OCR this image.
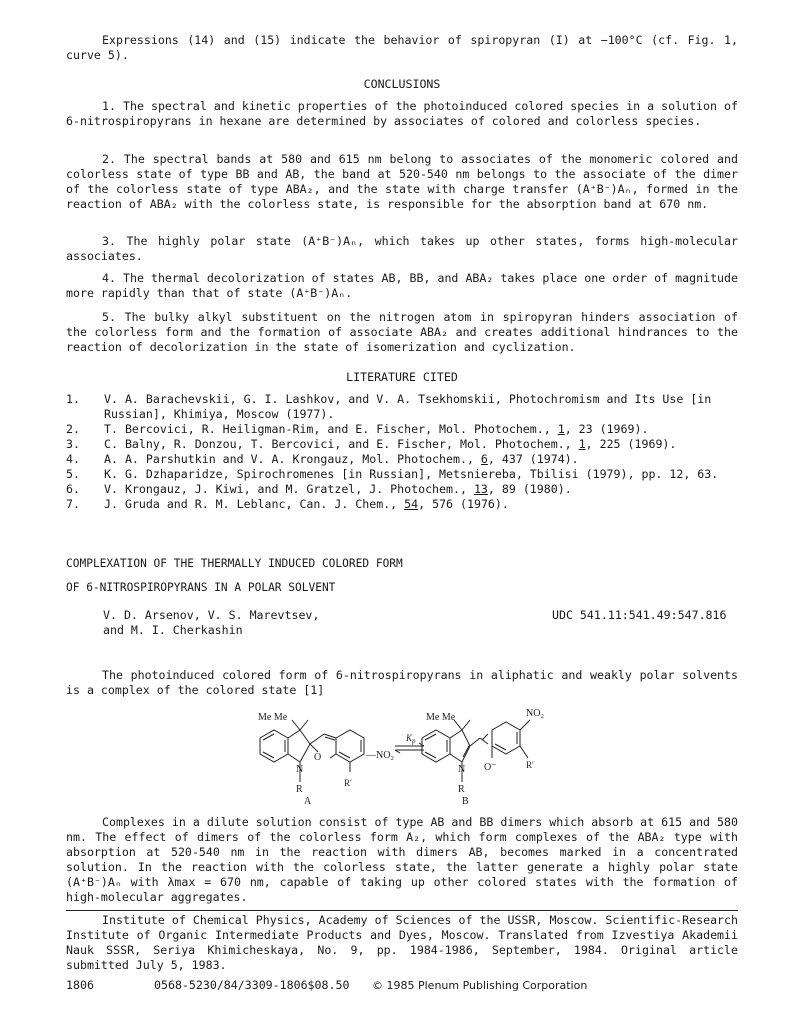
Expressions (14) and (15) indicate the behavior of spiropyran (I) at −100°C (cf. Fig. 1, curve 5).

CONCLUSIONS

1. The spectral and kinetic properties of the photoinduced colored species in a solution of 6-nitrospiropyrans in hexane are determined by associates of colored and colorless species.

2. The spectral bands at 580 and 615 nm belong to associates of the monomeric colored and colorless state of type BB and AB, the band at 520-540 nm belongs to the associate of the dimer of the colorless state of type ABA₂, and the state with charge transfer (A⁺B⁻)Aₙ, formed in the reaction of ABA₂ with the colorless state, is responsible for the absorption band at 670 nm.

3. The highly polar state (A⁺B⁻)Aₙ, which takes up other states, forms high-molecular associates.

4. The thermal decolorization of states AB, BB, and ABA₂ takes place one order of magnitude more rapidly than that of state (A⁺B⁻)Aₙ.

5. The bulky alkyl substituent on the nitrogen atom in spiropyran hinders association of the colorless form and the formation of associate ABA₂ and creates additional hindrances to the reaction of decolorization in the state of isomerization and cyclization.

LITERATURE CITED
1.	V. A. Barachevskii, G. I. Lashkov, and V. A. Tsekhomskii, Photochromism and Its Use [in Russian], Khimiya, Moscow (1977).
2.	T. Bercovici, R. Heiligman-Rim, and E. Fischer, Mol. Photochem., 1, 23 (1969).
3.	C. Balny, R. Donzou, T. Bercovici, and E. Fischer, Mol. Photochem., 1, 225 (1969).
4.	A. A. Parshutkin and V. A. Krongauz, Mol. Photochem., 6, 437 (1974).
5.	K. G. Dzhaparidze, Spirochromenes [in Russian], Metsniereba, Tbilisi (1979), pp. 12, 63.
6.	V. Krongauz, J. Kiwi, and M. Gratzel, J. Photochem., 13, 89 (1980).
7.	J. Gruda and R. M. Leblanc, Can. J. Chem., 54, 576 (1976).
COMPLEXATION OF THE THERMALLY INDUCED COLORED FORM
OF 6-NITROSPIROPYRANS IN A POLAR SOLVENT
V. D. Arsenov, V. S. Marevtsev,
and M. I. Cherkashin
UDC 541.11:541.49:547.816

The photoinduced colored form of 6-nitrospiropyrans in aliphatic and weakly polar solvents is a complex of the colored state [1]

Me Me	Me Me	NO₂
O	—NO₂
$K_p$
N	N
R	R
R′
R′
O⁻
A	B

Complexes in a dilute solution consist of type AB and BB dimers which absorb at 615 and 580 nm. The effect of dimers of the colorless form A₂, which form complexes of the ABA₂ type with absorption at 520-540 nm in the reaction with dimers AB, becomes marked in a concentrated solution. In the reaction with the colorless state, the latter generate a highly polar state (A⁺B⁻)Aₙ with λmax = 670 nm, capable of taking up other colored states with the formation of high-molecular aggregates.

Institute of Chemical Physics, Academy of Sciences of the USSR, Moscow. Scientific-Research Institute of Organic Intermediate Products and Dyes, Moscow. Translated from Izvestiya Akademii Nauk SSSR, Seriya Khimicheskaya, No. 9, pp. 1984-1986, September, 1984. Original article submitted July 5, 1983.

1806	0568-5230/84/3309-1806$08.50 © 1985 Plenum Publishing Corporation
